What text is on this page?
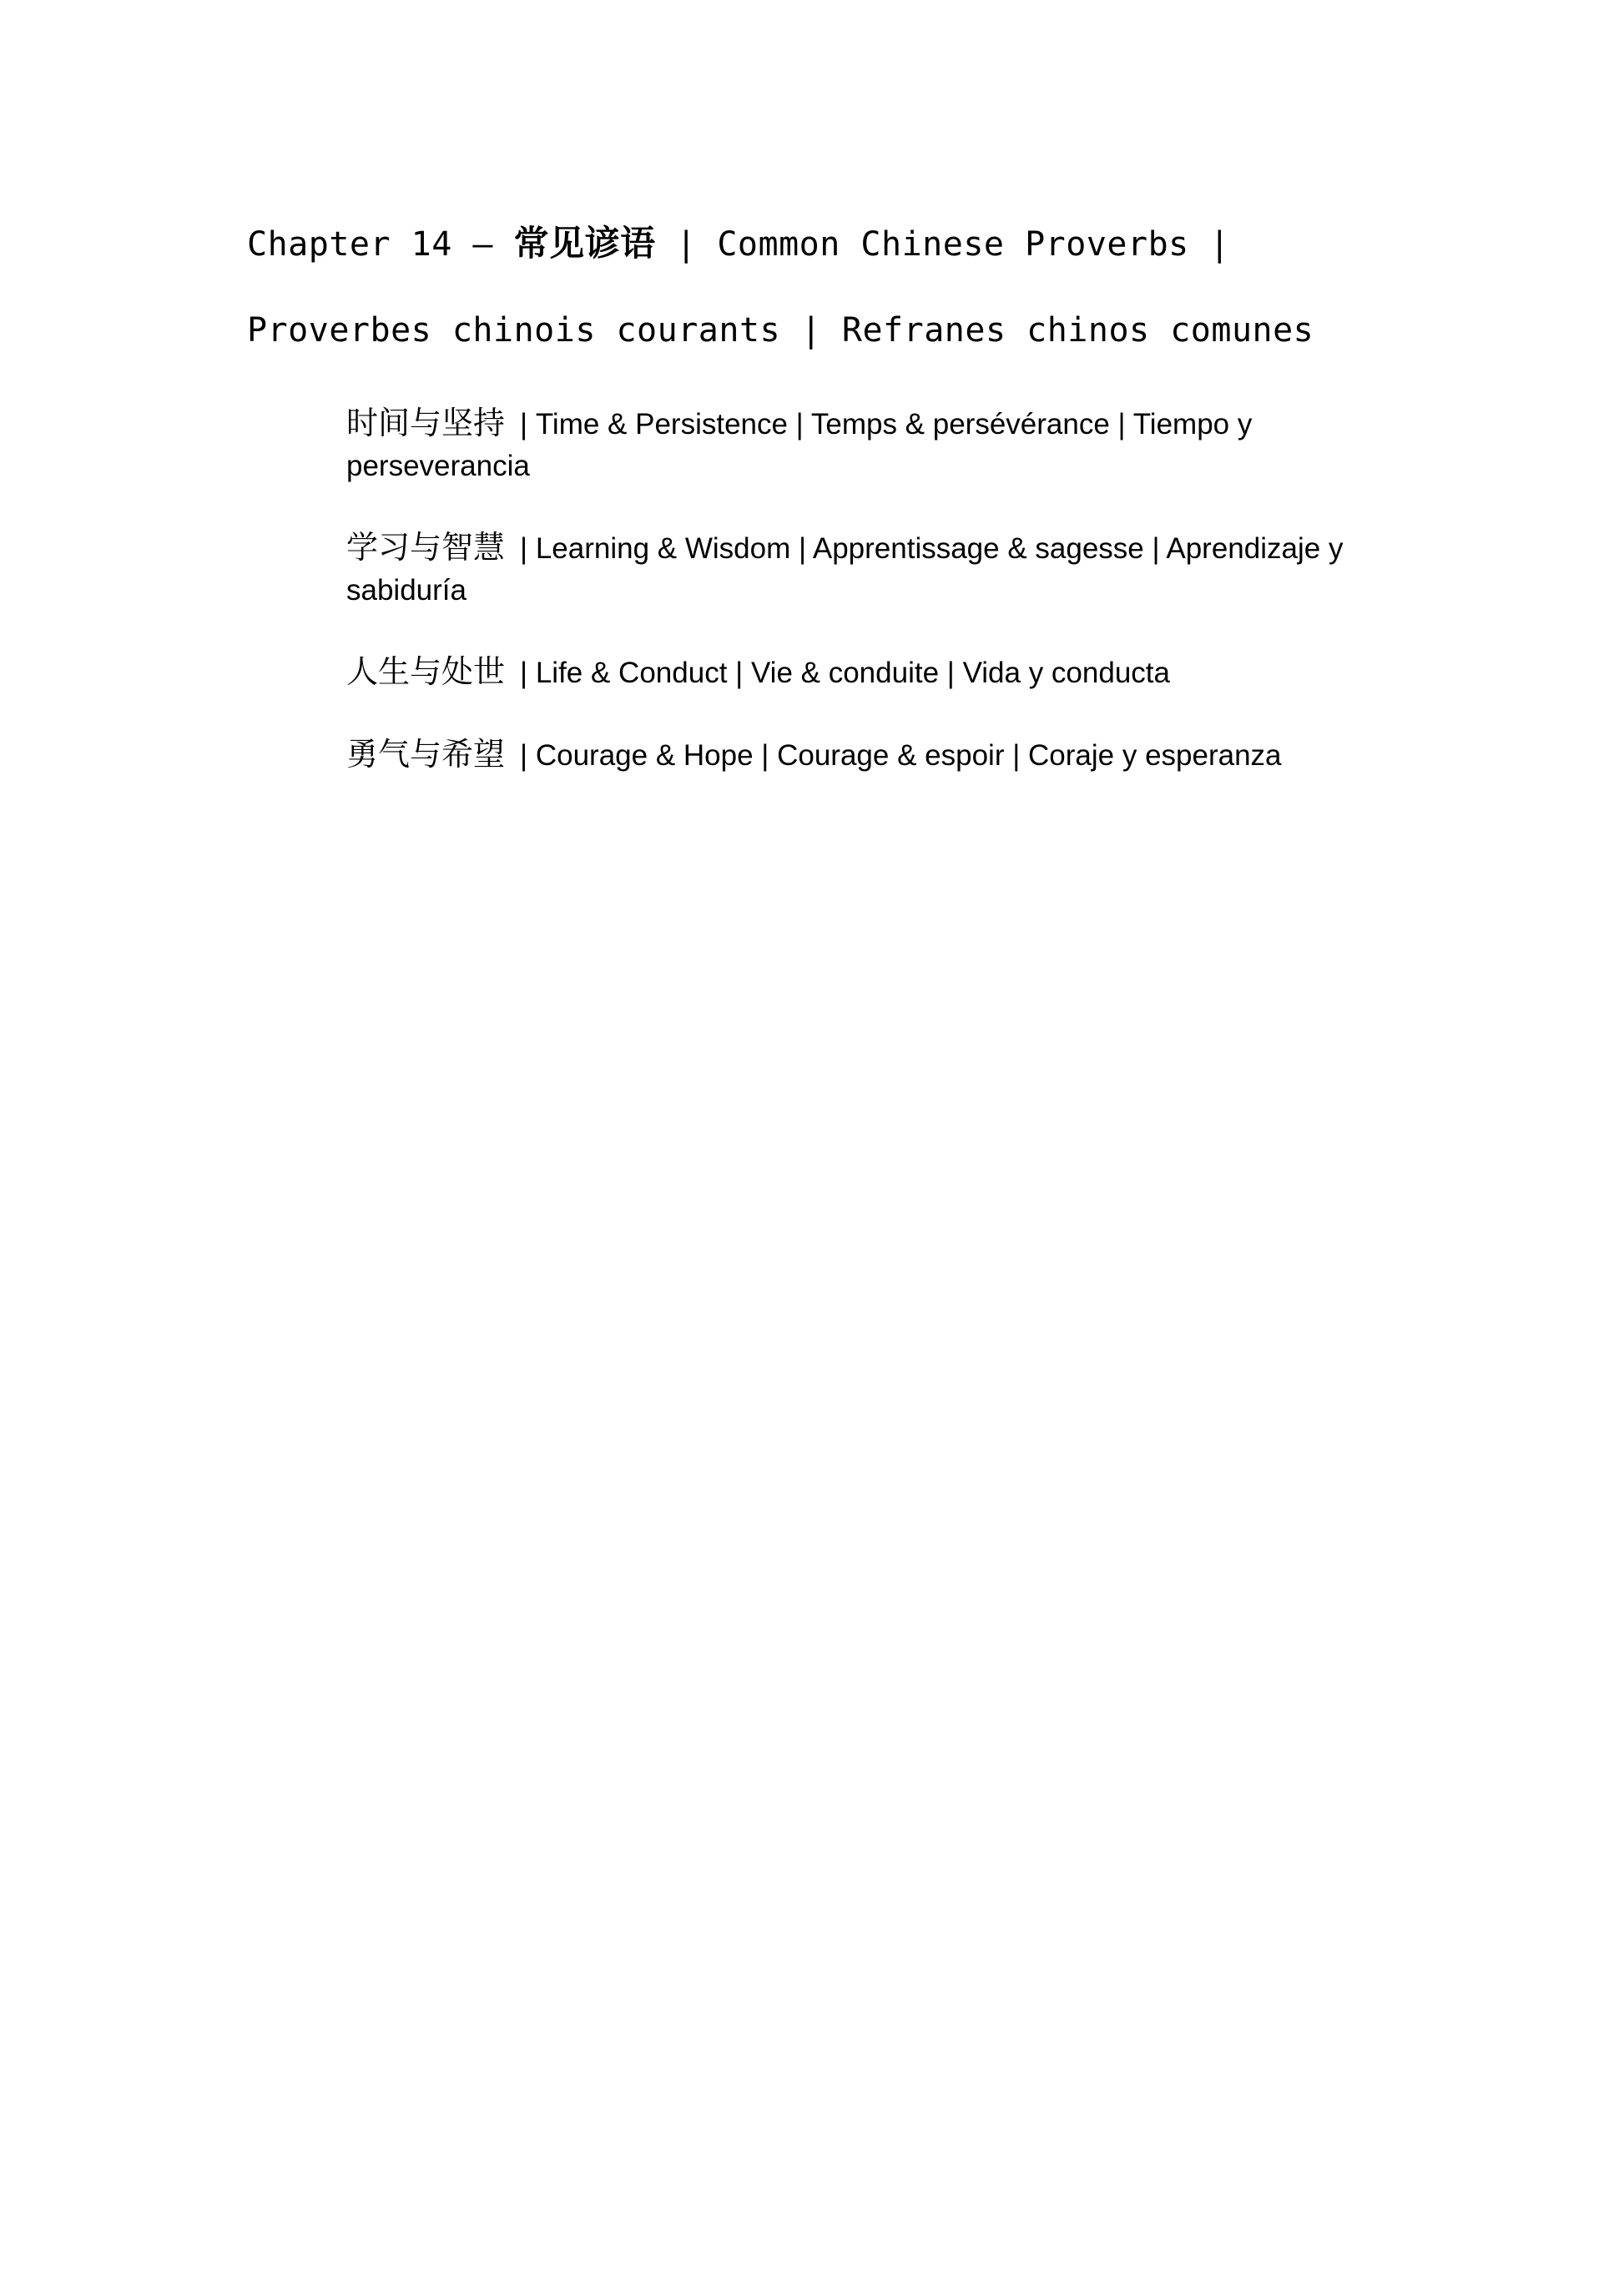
Chapter 14 – 常见谚语 | Common Chinese Proverbs | Proverbes chinois courants | Refranes chinos comunes
时间与坚持 | Time & Persistence | Temps & persévérance | Tiempo y perseverancia
学习与智慧 | Learning & Wisdom | Apprentissage & sagesse | Aprendizaje y sabiduría
人生与处世 | Life & Conduct | Vie & conduite | Vida y conducta
勇气与希望 | Courage & Hope | Courage & espoir | Coraje y esperanza
